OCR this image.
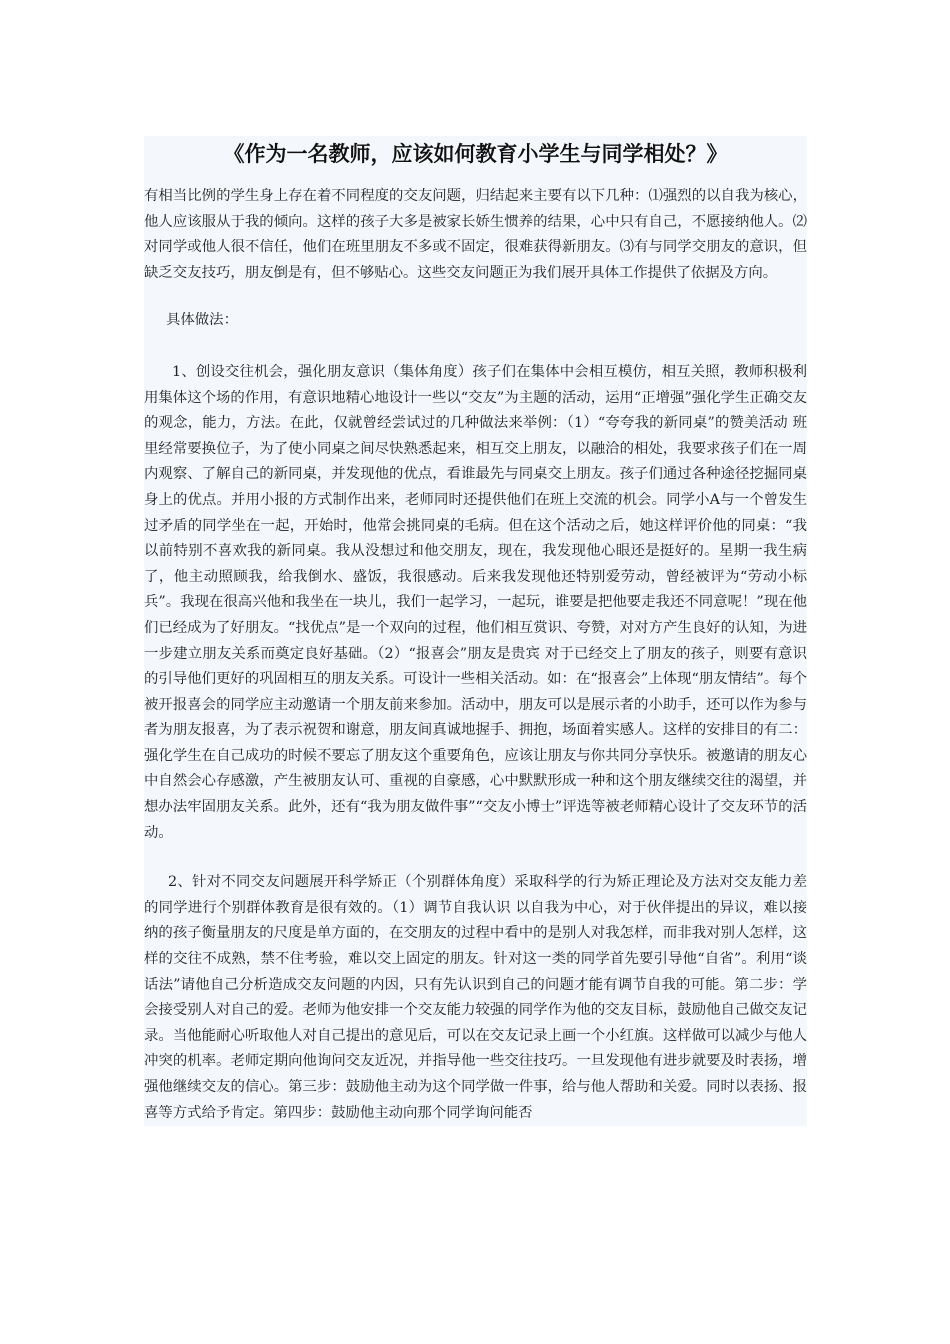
《作为一名教师，应该如何教育小学生与同学相处？》

有相当比例的学生身上存在着不同程度的交友问题，归结起来主要有以下几种：⑴强烈的以自我为核心，他人应该服从于我的倾向。这样的孩子大多是被家长娇生惯养的结果，心中只有自己，不愿接纳他人。⑵对同学或他人很不信任，他们在班里朋友不多或不固定，很难获得新朋友。⑶有与同学交朋友的意识，但缺乏交友技巧，朋友倒是有，但不够贴心。这些交友问题正为我们展开具体工作提供了依据及方向。

具体做法：

1、创设交往机会，强化朋友意识（集体角度）孩子们在集体中会相互模仿，相互关照，教师积极利用集体这个场的作用，有意识地精心地设计一些以“交友”为主题的活动，运用“正增强”强化学生正确交友的观念，能力，方法。在此，仅就曾经尝试过的几种做法来举例：（1）“夸夸我的新同桌”的赞美活动 班里经常要换位子，为了使小同桌之间尽快熟悉起来，相互交上朋友，以融洽的相处，我要求孩子们在一周内观察、了解自己的新同桌，并发现他的优点，看谁最先与同桌交上朋友。孩子们通过各种途径挖掘同桌身上的优点。并用小报的方式制作出来，老师同时还提供他们在班上交流的机会。同学小A与一个曾发生过矛盾的同学坐在一起，开始时，他常会挑同桌的毛病。但在这个活动之后，她这样评价他的同桌：“我以前特别不喜欢我的新同桌。我从没想过和他交朋友，现在，我发现他心眼还是挺好的。星期一我生病了，他主动照顾我，给我倒水、盛饭，我很感动。后来我发现他还特别爱劳动，曾经被评为“劳动小标兵”。我现在很高兴他和我坐在一块儿，我们一起学习，一起玩，谁要是把他要走我还不同意呢！”现在他们已经成为了好朋友。“找优点”是一个双向的过程，他们相互赏识、夸赞，对对方产生良好的认知，为进一步建立朋友关系而奠定良好基础。（2）“报喜会”朋友是贵宾 对于已经交上了朋友的孩子，则要有意识的引导他们更好的巩固相互的朋友关系。可设计一些相关活动。如：在“报喜会”上体现“朋友情结”。每个被开报喜会的同学应主动邀请一个朋友前来参加。活动中，朋友可以是展示者的小助手，还可以作为参与者为朋友报喜，为了表示祝贺和谢意，朋友间真诚地握手、拥抱，场面着实感人。这样的安排目的有二：强化学生在自己成功的时候不要忘了朋友这个重要角色，应该让朋友与你共同分享快乐。被邀请的朋友心中自然会心存感激，产生被朋友认可、重视的自豪感，心中默默形成一种和这个朋友继续交往的渴望，并想办法牢固朋友关系。此外，还有“我为朋友做件事”“交友小博士”评选等被老师精心设计了交友环节的活动。

2、针对不同交友问题展开科学矫正（个别群体角度）采取科学的行为矫正理论及方法对交友能力差的同学进行个别群体教育是很有效的。（1）调节自我认识 以自我为中心，对于伙伴提出的异议，难以接纳的孩子衡量朋友的尺度是单方面的，在交朋友的过程中看中的是别人对我怎样，而非我对别人怎样，这样的交往不成熟，禁不住考验，难以交上固定的朋友。针对这一类的同学首先要引导他“自省”。利用“谈话法”请他自己分析造成交友问题的内因，只有先认识到自己的问题才能有调节自我的可能。第二步：学会接受别人对自己的爱。老师为他安排一个交友能力较强的同学作为他的交友目标，鼓励他自己做交友记录。当他能耐心听取他人对自己提出的意见后，可以在交友记录上画一个小红旗。这样做可以减少与他人冲突的机率。老师定期向他询问交友近况，并指导他一些交往技巧。一旦发现他有进步就要及时表扬，增强他继续交友的信心。第三步：鼓励他主动为这个同学做一件事，给与他人帮助和关爱。同时以表扬、报喜等方式给予肯定。第四步：鼓励他主动向那个同学询问能否
